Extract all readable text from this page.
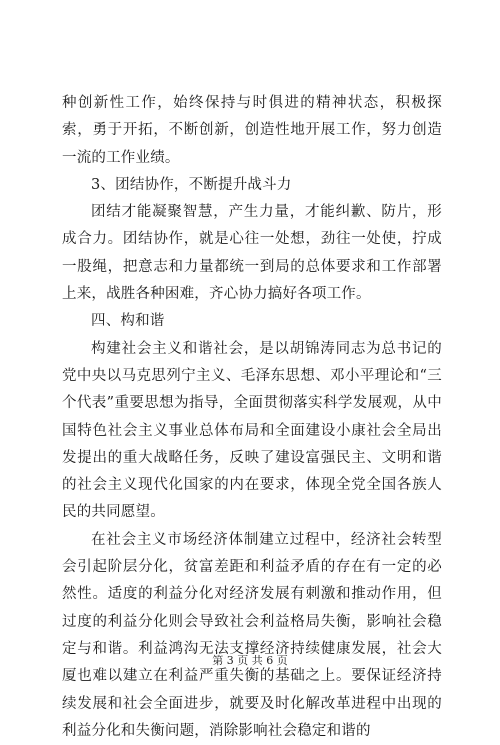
种创新性工作，始终保持与时俱进的精神状态，积极探索，勇于开拓，不断创新，创造性地开展工作，努力创造一流的工作业绩。

3、团结协作，不断提升战斗力

团结才能凝聚智慧，产生力量，才能纠歉、防片，形成合力。团结协作，就是心往一处想，劲往一处使，拧成一股绳，把意志和力量都统一到局的总体要求和工作部署上来，战胜各种困难，齐心协力搞好各项工作。

四、构和谐

构建社会主义和谐社会，是以胡锦涛同志为总书记的党中央以马克思列宁主义、毛泽东思想、邓小平理论和“三个代表”重要思想为指导，全面贯彻落实科学发展观，从中国特色社会主义事业总体布局和全面建设小康社会全局出发提出的重大战略任务，反映了建设富强民主、文明和谐的社会主义现代化国家的内在要求，体现全党全国各族人民的共同愿望。

在社会主义市场经济体制建立过程中，经济社会转型会引起阶层分化，贫富差距和利益矛盾的存在有一定的必然性。适度的利益分化对经济发展有刺激和推动作用，但过度的利益分化则会导致社会利益格局失衡，影响社会稳定与和谐。利益鸿沟无法支撑经济持续健康发展，社会大厦也难以建立在利益严重失衡的基础之上。要保证经济持续发展和社会全面进步，就要及时化解改革进程中出现的利益分化和失衡问题，消除影响社会稳定和谐的

第 3 页 共 6 页
